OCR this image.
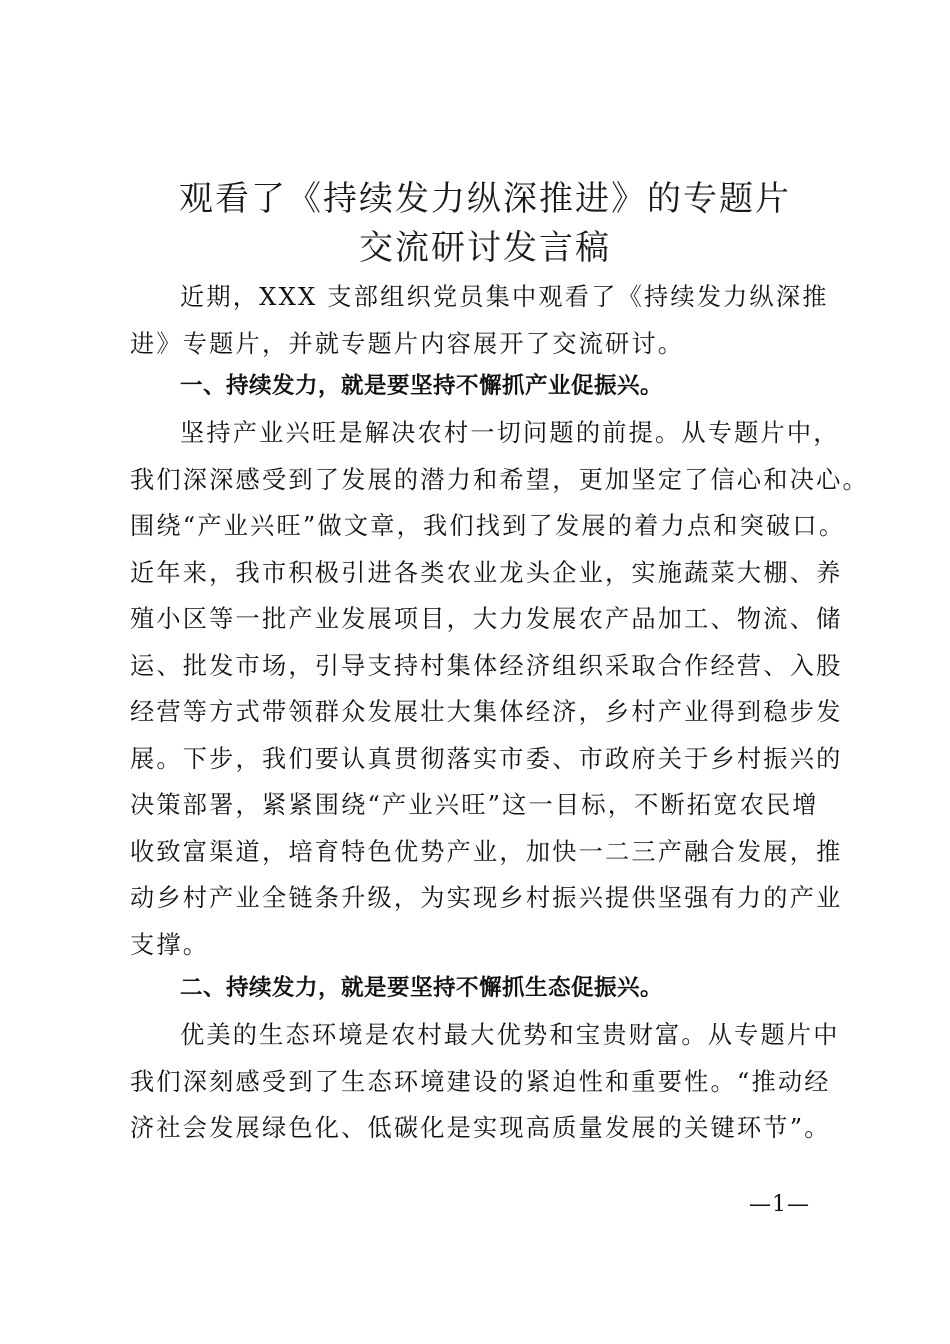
观看了《持续发力纵深推进》的专题片
交流研讨发言稿

近期，XXX 支部组织党员集中观看了《持续发力纵深推
进》专题片，并就专题片内容展开了交流研讨。

一、持续发力，就是要坚持不懈抓产业促振兴。

坚持产业兴旺是解决农村一切问题的前提。从专题片中，
我们深深感受到了发展的潜力和希望，更加坚定了信心和决心。
围绕“产业兴旺”做文章，我们找到了发展的着力点和突破口。
近年来，我市积极引进各类农业龙头企业，实施蔬菜大棚、养
殖小区等一批产业发展项目，大力发展农产品加工、物流、储
运、批发市场，引导支持村集体经济组织采取合作经营、入股
经营等方式带领群众发展壮大集体经济，乡村产业得到稳步发
展。下步，我们要认真贯彻落实市委、市政府关于乡村振兴的
决策部署，紧紧围绕“产业兴旺”这一目标，不断拓宽农民增
收致富渠道，培育特色优势产业，加快一二三产融合发展，推
动乡村产业全链条升级，为实现乡村振兴提供坚强有力的产业
支撑。

二、持续发力，就是要坚持不懈抓生态促振兴。

优美的生态环境是农村最大优势和宝贵财富。从专题片中
我们深刻感受到了生态环境建设的紧迫性和重要性。“推动经
济社会发展绿色化、低碳化是实现高质量发展的关键环节”。

—1—
